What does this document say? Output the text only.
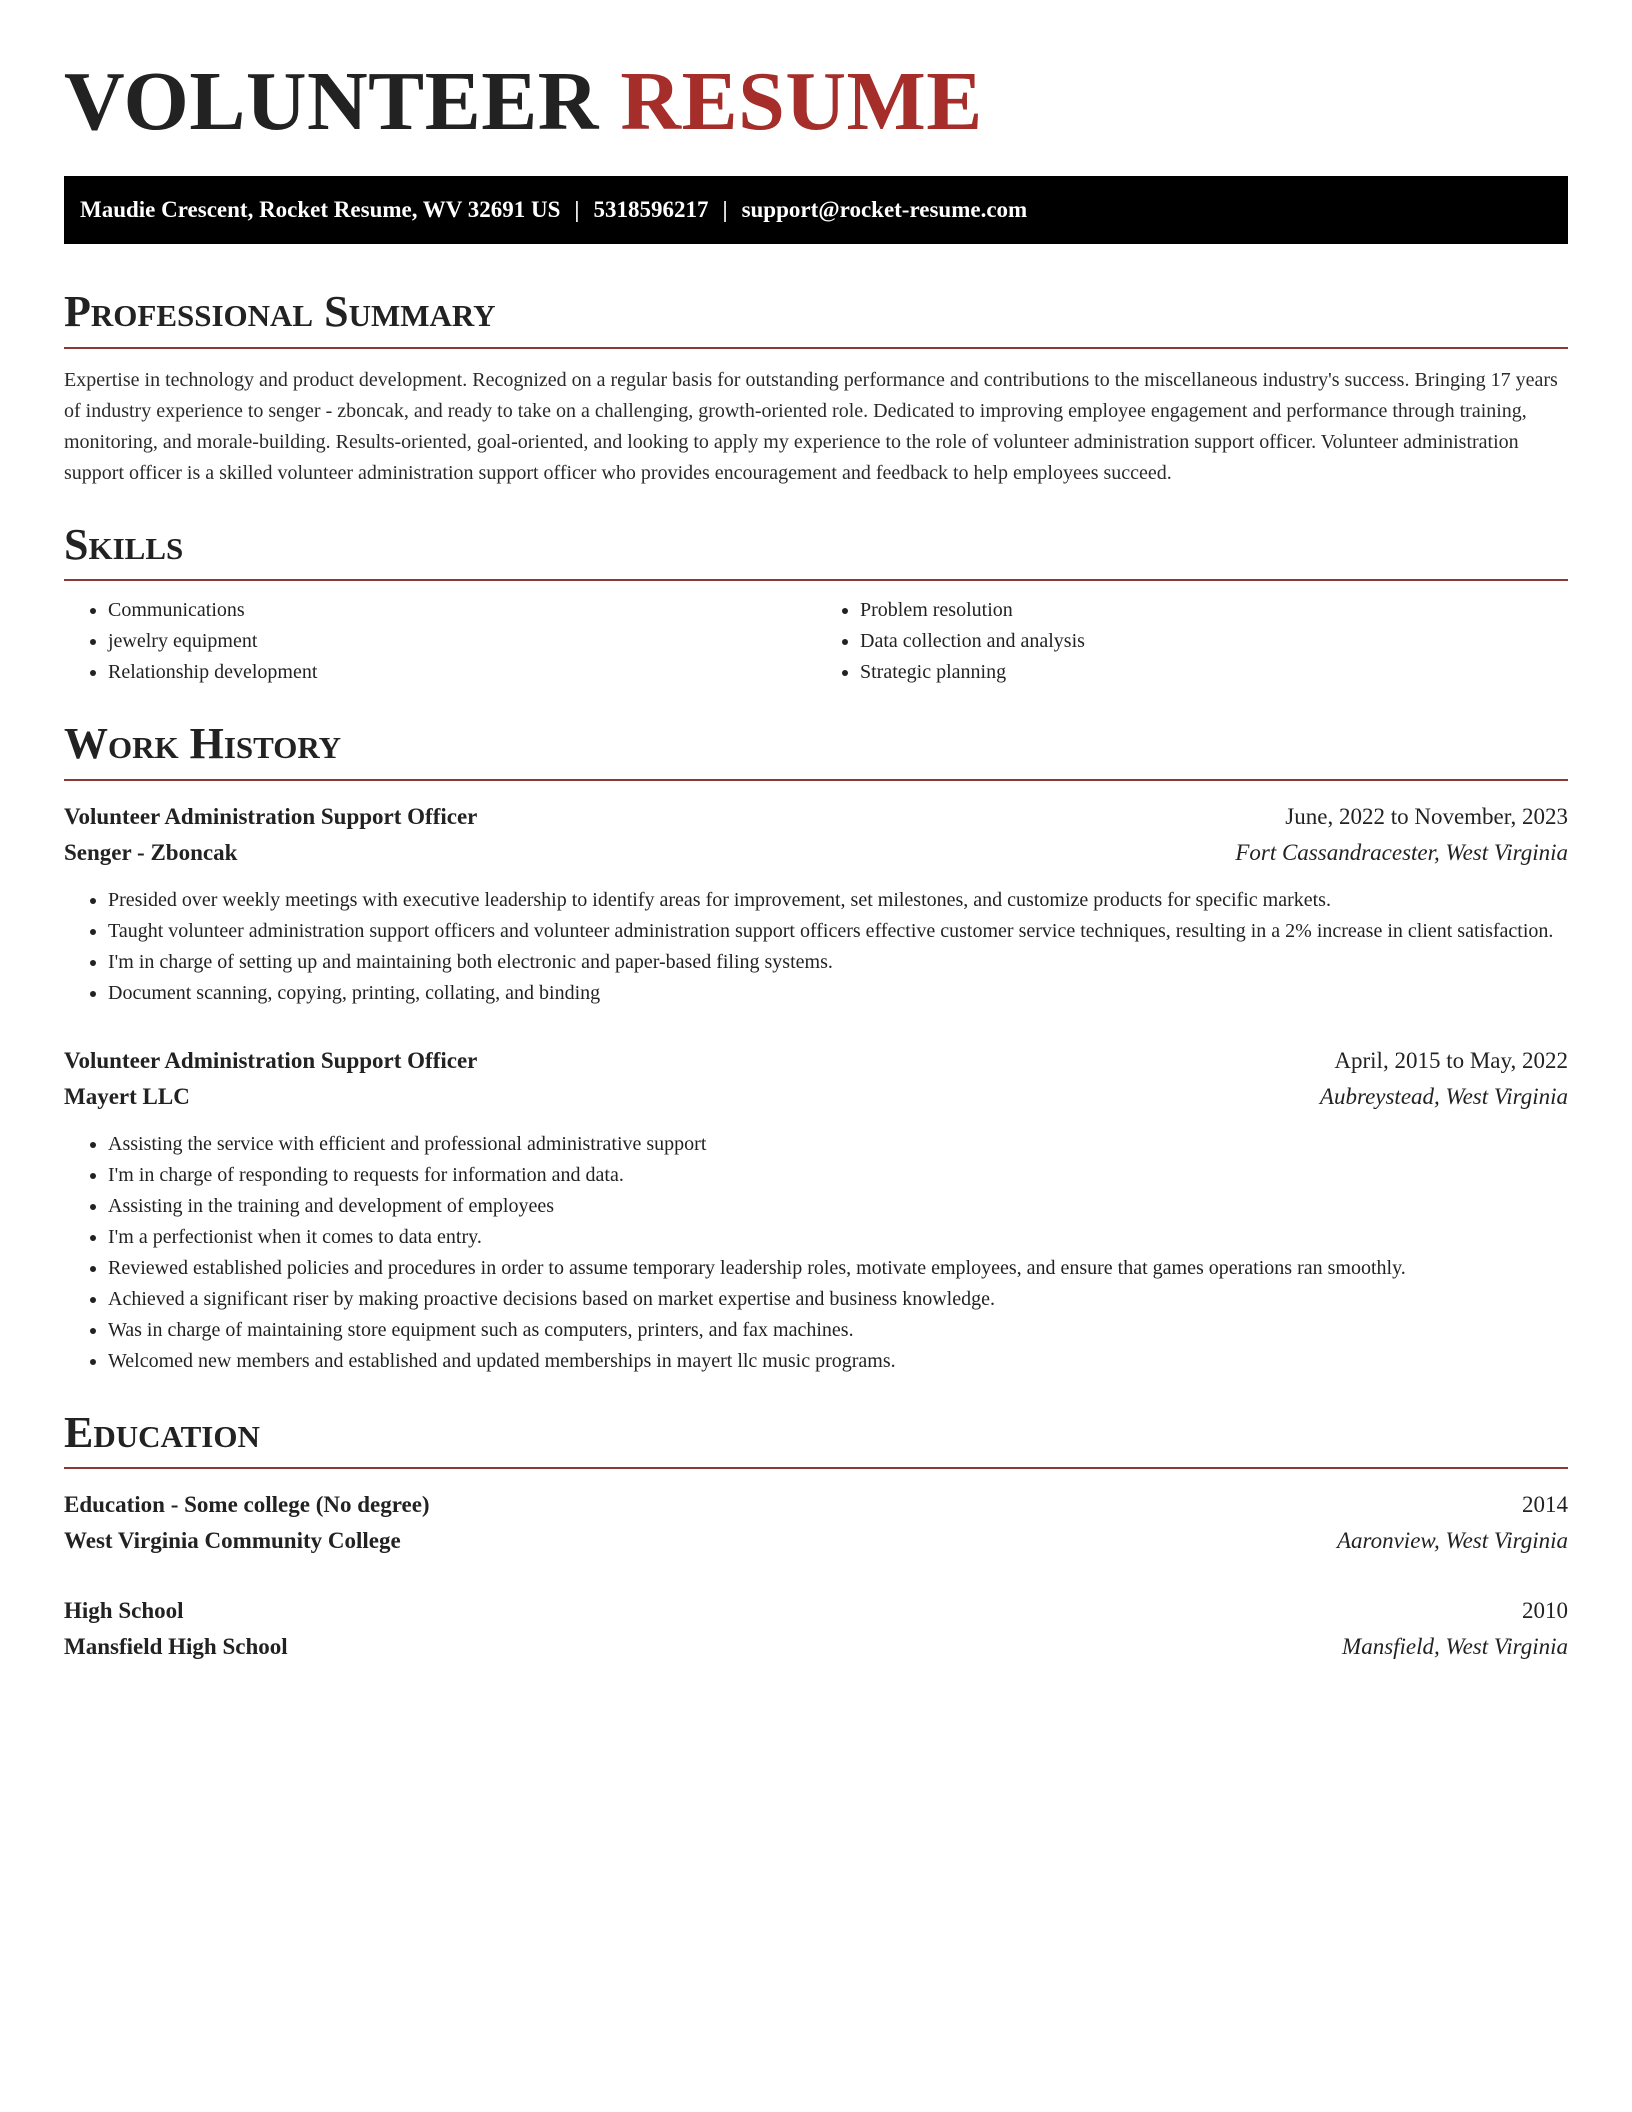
VOLUNTEER RESUME
Maudie Crescent, Rocket Resume, WV 32691 US | 5318596217 | support@rocket-resume.com
Professional Summary

Expertise in technology and product development. Recognized on a regular basis for outstanding performance and contributions to the miscellaneous industry's success. Bringing 17 years of industry experience to senger - zboncak, and ready to take on a challenging, growth-oriented role. Dedicated to improving employee engagement and performance through training, monitoring, and morale-building. Results-oriented, goal-oriented, and looking to apply my experience to the role of volunteer administration support officer. Volunteer administration support officer is a skilled volunteer administration support officer who provides encouragement and feedback to help employees succeed.

Skills
• Communications
• jewelry equipment
• Relationship development
• Problem resolution
• Data collection and analysis
• Strategic planning
Work History
Volunteer Administration Support Officer	June, 2022 to November, 2023
Senger - Zboncak	Fort Cassandracester, West Virginia
• Presided over weekly meetings with executive leadership to identify areas for improvement, set milestones, and customize products for specific markets.
• Taught volunteer administration support officers and volunteer administration support officers effective customer service techniques, resulting in a 2% increase in client satisfaction.
• I'm in charge of setting up and maintaining both electronic and paper-based filing systems.
• Document scanning, copying, printing, collating, and binding
Volunteer Administration Support Officer	April, 2015 to May, 2022
Mayert LLC	Aubreystead, West Virginia
• Assisting the service with efficient and professional administrative support
• I'm in charge of responding to requests for information and data.
• Assisting in the training and development of employees
• I'm a perfectionist when it comes to data entry.
• Reviewed established policies and procedures in order to assume temporary leadership roles, motivate employees, and ensure that games operations ran smoothly.
• Achieved a significant riser by making proactive decisions based on market expertise and business knowledge.
• Was in charge of maintaining store equipment such as computers, printers, and fax machines.
• Welcomed new members and established and updated memberships in mayert llc music programs.
Education
Education - Some college (No degree)	2014
West Virginia Community College	Aaronview, West Virginia
High School	2010
Mansfield High School	Mansfield, West Virginia
